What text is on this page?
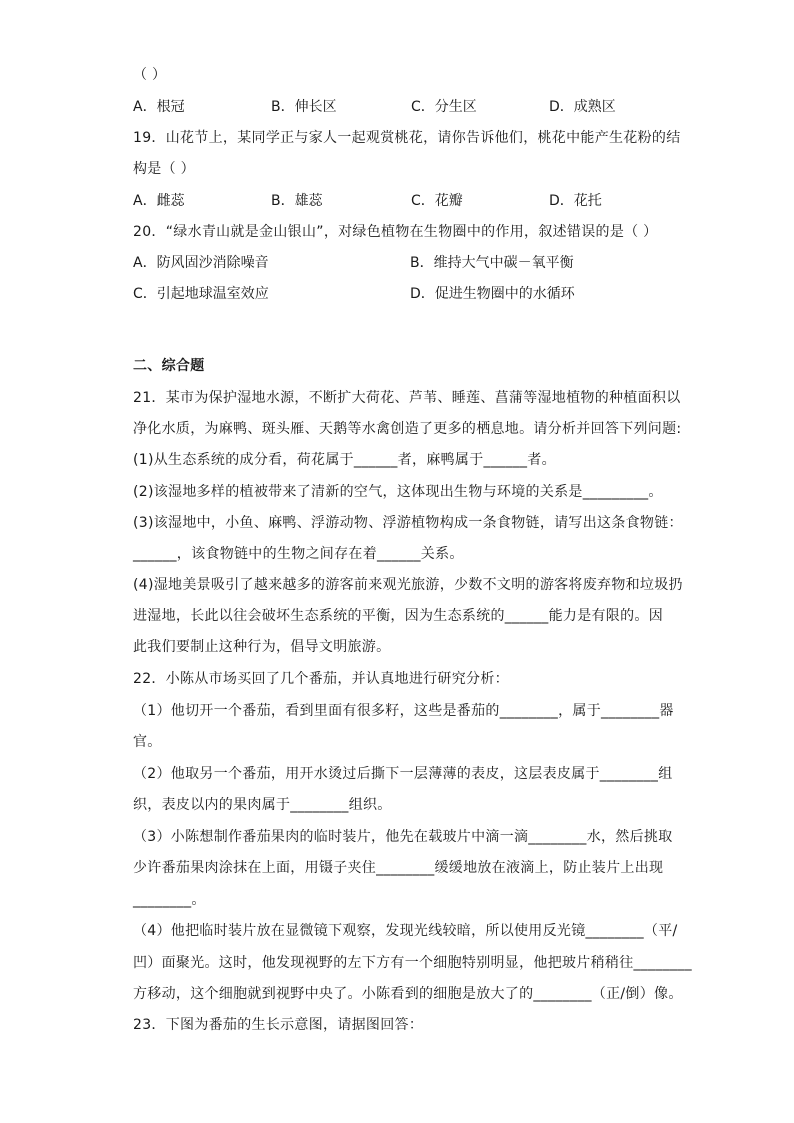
（ ）
A．根冠	B．伸长区	C．分生区	D．成熟区
19．山花节上，某同学正与家人一起观赏桃花，请你告诉他们，桃花中能产生花粉的结
构是（ ）
A．雌蕊	B．雄蕊	C．花瓣	D．花托
20．“绿水青山就是金山银山”，对绿色植物在生物圈中的作用，叙述错误的是（ ）
A．防风固沙消除噪音	B．维持大气中碳－氧平衡
C．引起地球温室效应	D．促进生物圈中的水循环
二、综合题
21．某市为保护湿地水源，不断扩大荷花、芦苇、睡莲、菖蒲等湿地植物的种植面积以
净化水质，为麻鸭、斑头雁、天鹅等水禽创造了更多的栖息地。请分析并回答下列问题:
(1)从生态系统的成分看，荷花属于______者，麻鸭属于______者。
(2)该湿地多样的植被带来了清新的空气，这体现出生物与环境的关系是_________。
(3)该湿地中，小鱼、麻鸭、浮游动物、浮游植物构成一条食物链，请写出这条食物链：
______，该食物链中的生物之间存在着______关系。
(4)湿地美景吸引了越来越多的游客前来观光旅游，少数不文明的游客将废弃物和垃圾扔
进湿地，长此以往会破坏生态系统的平衡，因为生态系统的______能力是有限的。因
此我们要制止这种行为，倡导文明旅游。
22．小陈从市场买回了几个番茄，并认真地进行研究分析：
（1）他切开一个番茄，看到里面有很多籽，这些是番茄的________，属于________器
官。
（2）他取另一个番茄，用开水烫过后撕下一层薄薄的表皮，这层表皮属于________组
织，表皮以内的果肉属于________组织。
（3）小陈想制作番茄果肉的临时装片，他先在载玻片中滴一滴________水，然后挑取
少许番茄果肉涂抹在上面，用镊子夹住________缓缓地放在液滴上，防止装片上出现
________。
（4）他把临时装片放在显微镜下观察，发现光线较暗，所以使用反光镜________（平/
凹）面聚光。这时，他发现视野的左下方有一个细胞特别明显，他把玻片稍稍往________
方移动，这个细胞就到视野中央了。小陈看到的细胞是放大了的________（正/倒）像。
23．下图为番茄的生长示意图，请据图回答：
